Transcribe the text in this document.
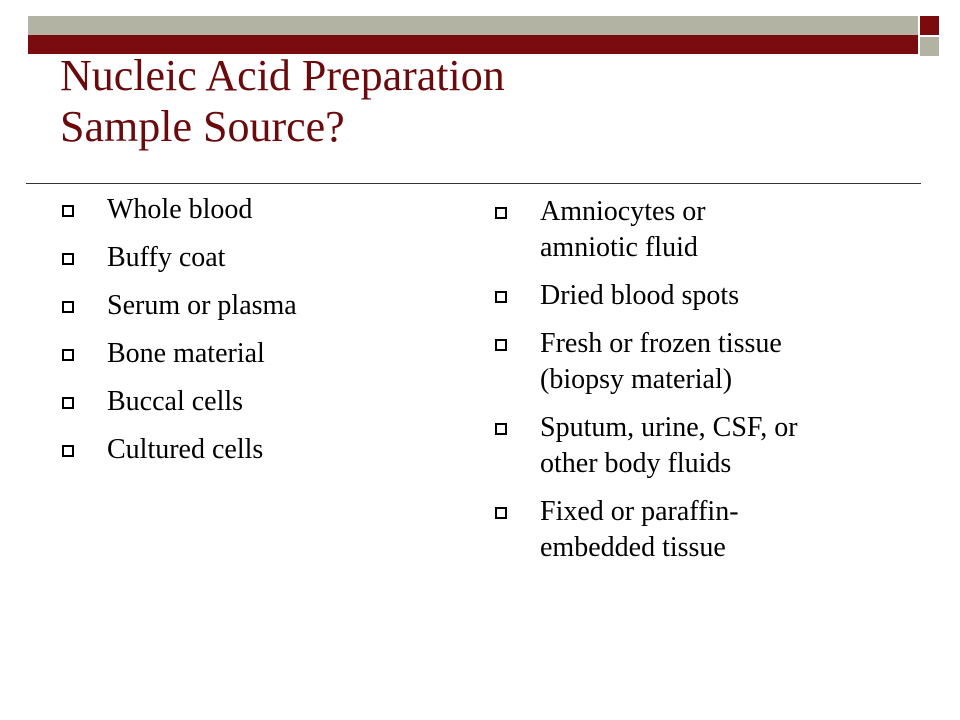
Nucleic Acid Preparation
Sample Source?
Whole blood
Buffy coat
Serum or plasma
Bone material
Buccal cells
Cultured cells
Amniocytes or
amniotic fluid
Dried blood spots
Fresh or frozen tissue
(biopsy material)
Sputum, urine, CSF, or
other body fluids
Fixed or paraffin-
embedded tissue
